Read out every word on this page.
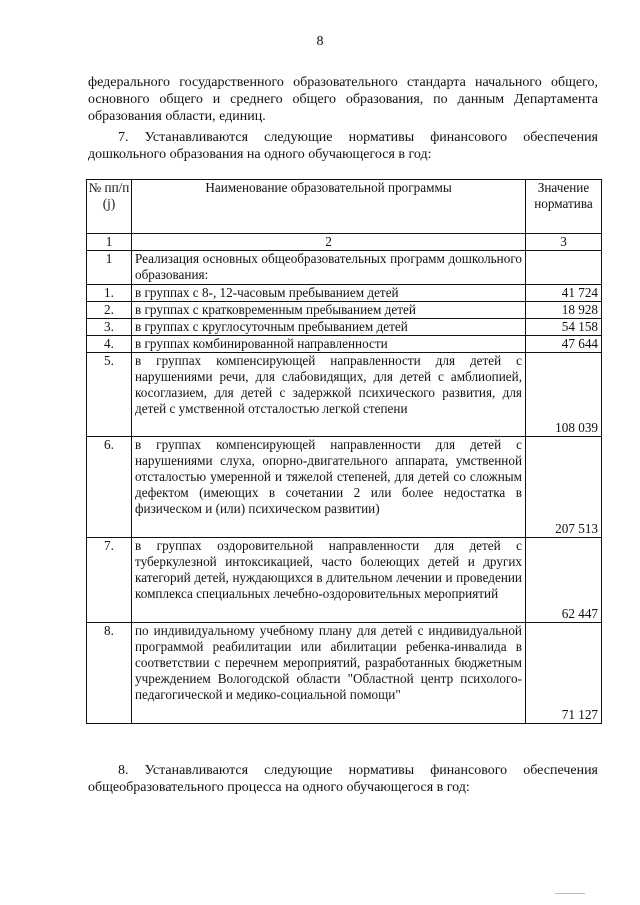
8
федерального государственного образовательного стандарта начального общего, основного общего и среднего общего образования, по данным Департамента образования области, единиц.
7. Устанавливаются следующие нормативы финансового обеспечения дошкольного образования на одного обучающегося в год:
№ пп/п (j)	Наименование образовательной программы	Значение норматива
1	2	3
1	Реализация основных общеобразовательных программ дошкольного образования:	
1.	в группах с 8-, 12-часовым пребыванием детей	41 724
2.	в группах с кратковременным пребыванием детей	18 928
3.	в группах с круглосуточным пребыванием детей	54 158
4.	в группах комбинированной направленности	47 644
5.	в группах компенсирующей направленности для детей с нарушениями речи, для слабовидящих, для детей с амблиопией, косоглазием, для детей с задержкой психического развития, для детей с умственной отсталостью легкой степени	108 039
6.	в группах компенсирующей направленности для детей с нарушениями слуха, опорно-двигательного аппарата, умственной отсталостью умеренной и тяжелой степеней, для детей со сложным дефектом (имеющих в сочетании 2 или более недостатка в физическом и (или) психическом развитии)	207 513
7.	в группах оздоровительной направленности для детей с туберкулезной интоксикацией, часто болеющих детей и других категорий детей, нуждающихся в длительном лечении и проведении комплекса специальных лечебно-оздоровительных мероприятий	62 447
8.	по индивидуальному учебному плану для детей с индивидуальной программой реабилитации или абилитации ребенка-инвалида в соответствии с перечнем мероприятий, разработанных бюджетным учреждением Вологодской области "Областной центр психолого-педагогической и медико-социальной помощи"	71 127
8. Устанавливаются следующие нормативы финансового обеспечения общеобразовательного процесса на одного обучающегося в год:
